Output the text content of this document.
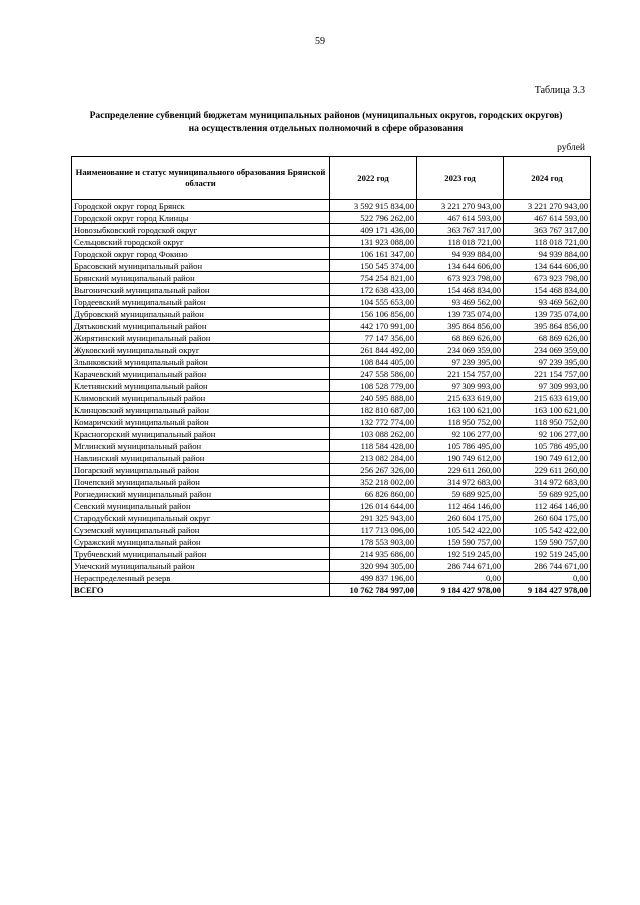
59
Таблица 3.3
Распределение субвенций бюджетам муниципальных районов (муниципальных округов, городских округов)
на осуществления отдельных полномочий в сфере образования
рублей
Наименование и статус муниципального образования Брянской области	2022 год	2023 год	2024 год
Городской округ город Брянск	3 592 915 834,00	3 221 270 943,00	3 221 270 943,00
Городской округ город Клинцы	522 796 262,00	467 614 593,00	467 614 593,00
Новозыбковский городской округ	409 171 436,00	363 767 317,00	363 767 317,00
Сельцовский городской округ	131 923 088,00	118 018 721,00	118 018 721,00
Городской округ город Фокино	106 161 347,00	94 939 884,00	94 939 884,00
Брасовский муниципальный район	150 545 374,00	134 644 606,00	134 644 606,00
Брянский муниципальный район	754 254 821,00	673 923 798,00	673 923 798,00
Выгоничский муниципальный район	172 638 433,00	154 468 834,00	154 468 834,00
Гордеевский муниципальный район	104 555 653,00	93 469 562,00	93 469 562,00
Дубровский муниципальный район	156 106 856,00	139 735 074,00	139 735 074,00
Дятьковский муниципальный район	442 170 991,00	395 864 856,00	395 864 856,00
Жирятинский муниципальный район	77 147 356,00	68 869 626,00	68 869 626,00
Жуковский муниципальный округ	261 844 492,00	234 069 359,00	234 069 359,00
Злынковский муниципальный район	108 844 405,00	97 239 395,00	97 239 395,00
Карачевский муниципальный район	247 558 586,00	221 154 757,00	221 154 757,00
Клетнянский муниципальный район	108 528 779,00	97 309 993,00	97 309 993,00
Климовский муниципальный район	240 595 888,00	215 633 619,00	215 633 619,00
Клинцовский муниципальный район	182 810 687,00	163 100 621,00	163 100 621,00
Комаричский муниципальный район	132 772 774,00	118 950 752,00	118 950 752,00
Красногорский муниципальный район	103 088 262,00	92 106 277,00	92 106 277,00
Мглинский муниципальный район	118 584 428,00	105 786 495,00	105 786 495,00
Навлинский муниципальный район	213 082 284,00	190 749 612,00	190 749 612,00
Погарский муниципальный район	256 267 326,00	229 611 260,00	229 611 260,00
Почепский муниципальный район	352 218 002,00	314 972 683,00	314 972 683,00
Рогнединский муниципальный район	66 826 860,00	59 689 925,00	59 689 925,00
Севский муниципальный район	126 014 644,00	112 464 146,00	112 464 146,00
Стародубский муниципальный округ	291 325 943,00	260 604 175,00	260 604 175,00
Суземский муниципальный район	117 713 096,00	105 542 422,00	105 542 422,00
Суражский муниципальный район	178 553 903,00	159 590 757,00	159 590 757,00
Трубчевский муниципальный район	214 935 686,00	192 519 245,00	192 519 245,00
Унечский муниципальный район	320 994 305,00	286 744 671,00	286 744 671,00
Нераспределенный резерв	499 837 196,00	0,00	0,00
ВСЕГО	10 762 784 997,00	9 184 427 978,00	9 184 427 978,00
